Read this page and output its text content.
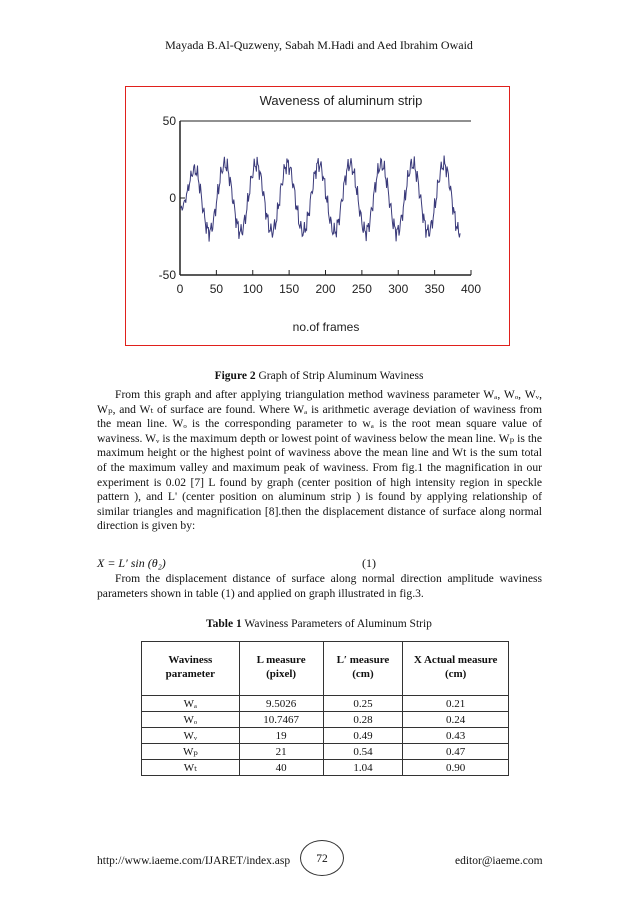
Mayada B.Al-Quzweny, Sabah M.Hadi and Aed Ibrahim Owaid
Waveness of aluminum strip
0 50 100 150 200 250 300 350 400
50
0
-50
no.of frames
Figure 2 Graph of Strip Aluminum Waviness

From this graph and after applying triangulation method waviness parameter Wₐ, Wₒ, Wᵥ, Wₚ, and Wₜ of surface are found. Where Wₐ is arithmetic average deviation of waviness from the mean line. Wₒ is the corresponding parameter to wₐ is the root mean square value of waviness. Wᵥ is the maximum depth or lowest point of waviness below the mean line. Wₚ is the maximum height or the highest point of waviness above the mean line and Wt is the sum total of the maximum valley and maximum peak of waviness. From fig.1 the magnification in our experiment is 0.02 [7] L found by graph (center position of high intensity region in speckle pattern ), and L' (center position on aluminum strip ) is found by applying relationship of similar triangles and magnification [8].then the displacement distance of surface along normal direction is given by:

X = L′ sin (θ₂)	(1)

From the displacement distance of surface along normal direction amplitude waviness parameters shown in table (1) and applied on graph illustrated in fig.3.

Table 1 Waviness Parameters of Aluminum Strip
Waviness parameter	L measure (pixel)	L′ measure (cm)	X Actual measure (cm)
Wₐ	9.5026	0.25	0.21
Wₒ	10.7467	0.28	0.24
Wᵥ	19	0.49	0.43
Wₚ	21	0.54	0.47
Wₜ	40	1.04	0.90
http://www.iaeme.com/IJARET/index.asp	72	editor@iaeme.com
